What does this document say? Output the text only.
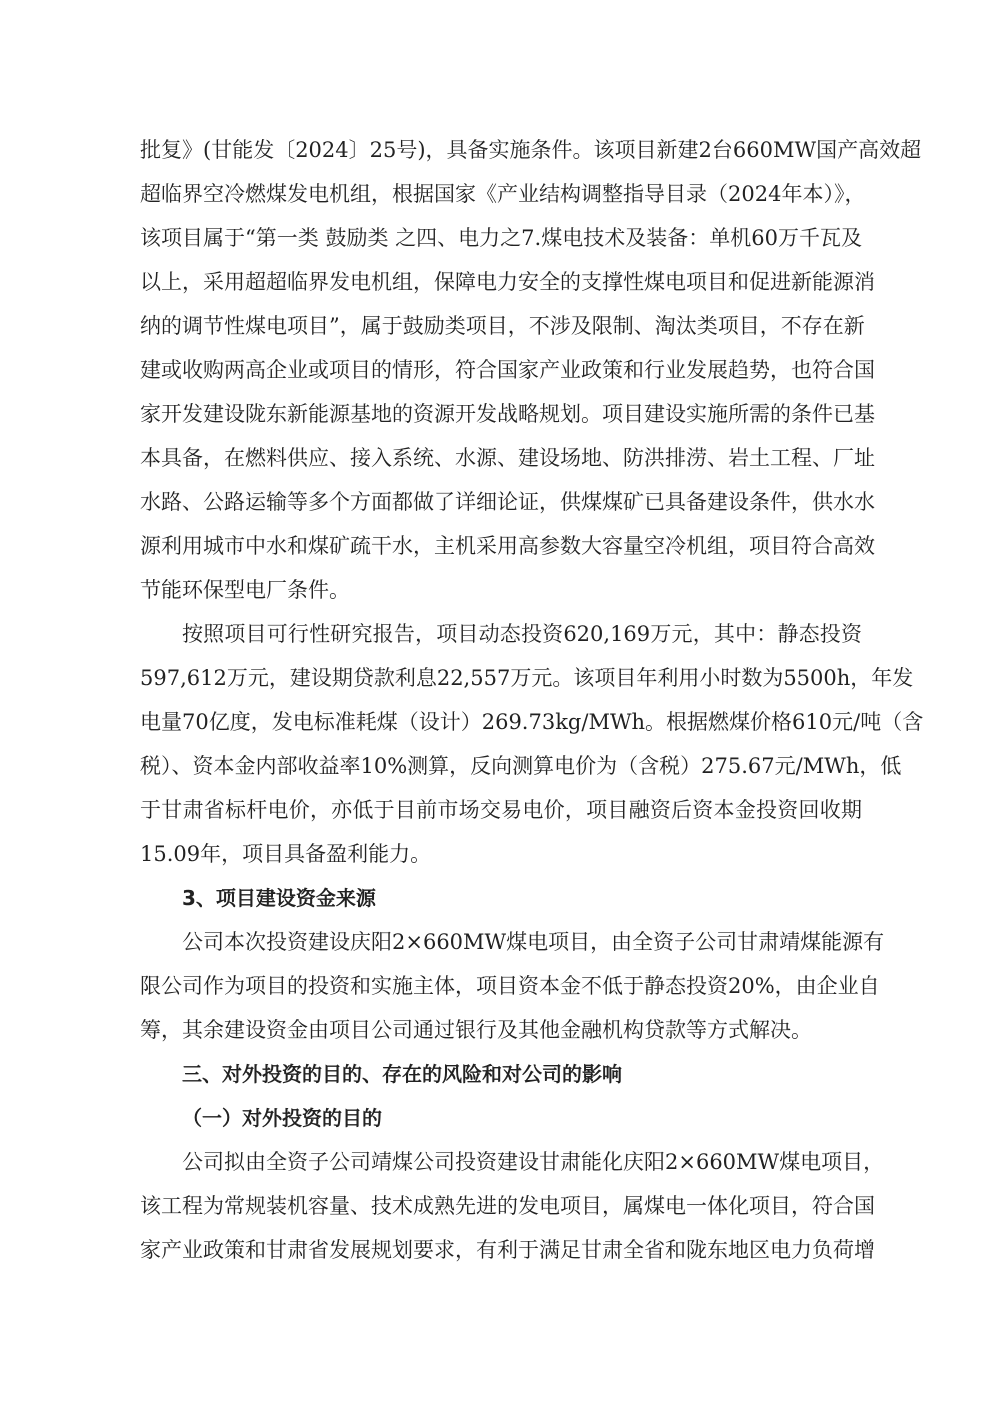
批复》(甘能发〔2024〕25号)，具备实施条件。该项目新建2台660MW国产高效超
超临界空冷燃煤发电机组，根据国家《产业结构调整指导目录（2024年本）》，
该项目属于“第一类 鼓励类 之四、电力之7.煤电技术及装备：单机60万千瓦及
以上，采用超超临界发电机组，保障电力安全的支撑性煤电项目和促进新能源消
纳的调节性煤电项目”，属于鼓励类项目，不涉及限制、淘汰类项目，不存在新
建或收购两高企业或项目的情形，符合国家产业政策和行业发展趋势，也符合国
家开发建设陇东新能源基地的资源开发战略规划。项目建设实施所需的条件已基
本具备，在燃料供应、接入系统、水源、建设场地、防洪排涝、岩土工程、厂址
水路、公路运输等多个方面都做了详细论证，供煤煤矿已具备建设条件，供水水
源利用城市中水和煤矿疏干水，主机采用高参数大容量空冷机组，项目符合高效
节能环保型电厂条件。
按照项目可行性研究报告，项目动态投资620,169万元，其中：静态投资
597,612万元，建设期贷款利息22,557万元。该项目年利用小时数为5500h，年发
电量70亿度，发电标准耗煤（设计）269.73kg/MWh。根据燃煤价格610元/吨（含
税）、资本金内部收益率10%测算，反向测算电价为（含税）275.67元/MWh，低
于甘肃省标杆电价，亦低于目前市场交易电价，项目融资后资本金投资回收期
15.09年，项目具备盈利能力。
3、项目建设资金来源
公司本次投资建设庆阳2×660MW煤电项目，由全资子公司甘肃靖煤能源有
限公司作为项目的投资和实施主体，项目资本金不低于静态投资20%，由企业自
筹，其余建设资金由项目公司通过银行及其他金融机构贷款等方式解决。
三、对外投资的目的、存在的风险和对公司的影响
（一）对外投资的目的
公司拟由全资子公司靖煤公司投资建设甘肃能化庆阳2×660MW煤电项目，
该工程为常规装机容量、技术成熟先进的发电项目，属煤电一体化项目，符合国
家产业政策和甘肃省发展规划要求，有利于满足甘肃全省和陇东地区电力负荷增
